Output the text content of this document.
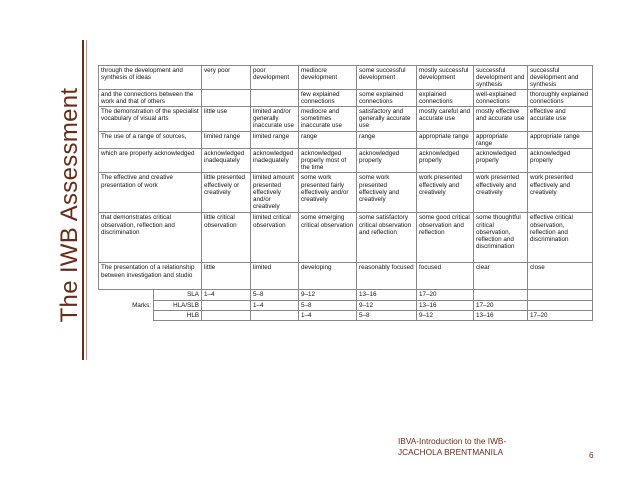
The IWB Assessment
through the development and synthesis of ideas		very poor	poor development	mediocre development	some successful development	mostly successful development	successful development and synthesis	successful development and synthesis
and the connections between the work and that of others				few explained connections	some explained connections	explained connections	well-explained connections	thoroughly explained connections
The demonstration of the specialist vocabulary of visual arts		little use	limited and/or generally inaccurate use	mediocre and sometimes inaccurate use	satisfactory and generally accurate use	mostly careful and accurate use	mostly effective and accurate use	effective and accurate use
The use of a range of sources,		limited range	limited range	range	range	appropriate range	appropriate range	appropriate range
which are properly acknowledged		acknowledged inadequately	acknowledged inadequately	acknowledged properly most of the time	acknowledged properly	acknowledged properly	acknowledged properly	acknowledged properly
The effective and creative presentation of work		little presented effectively or creatively	limited amount presented effectively and/or creatively	some work presented fairly effectively and/or creatively	some work presented effectively and creatively	work presented effectively and creatively	work presented effectively and creatively	work presented effectively and creatively
that demonstrates critical observation, reflection and discrimination		little critical observation	limited critical observation	some emerging critical observation	some satisfactory critical observation and reflection	some good critical observation and reflection	some thoughtful critical observation, reflection and discrimination	effective critical observation, reflection and discrimination
The presentation of a relationship between investigation and studio		little	limited	developing	reasonably focused	focused	clear	close
Marks:	SLA	1–4	5–8	9–12	13–16	17–20		
	HLA/SLB		1–4	5–8	9–12	13–16	17–20	
	HLB			1–4	5–8	9–12	13–16	17–20
IBVA-Introduction to the IWB-
JCACHOLA BRENTMANILA	6
